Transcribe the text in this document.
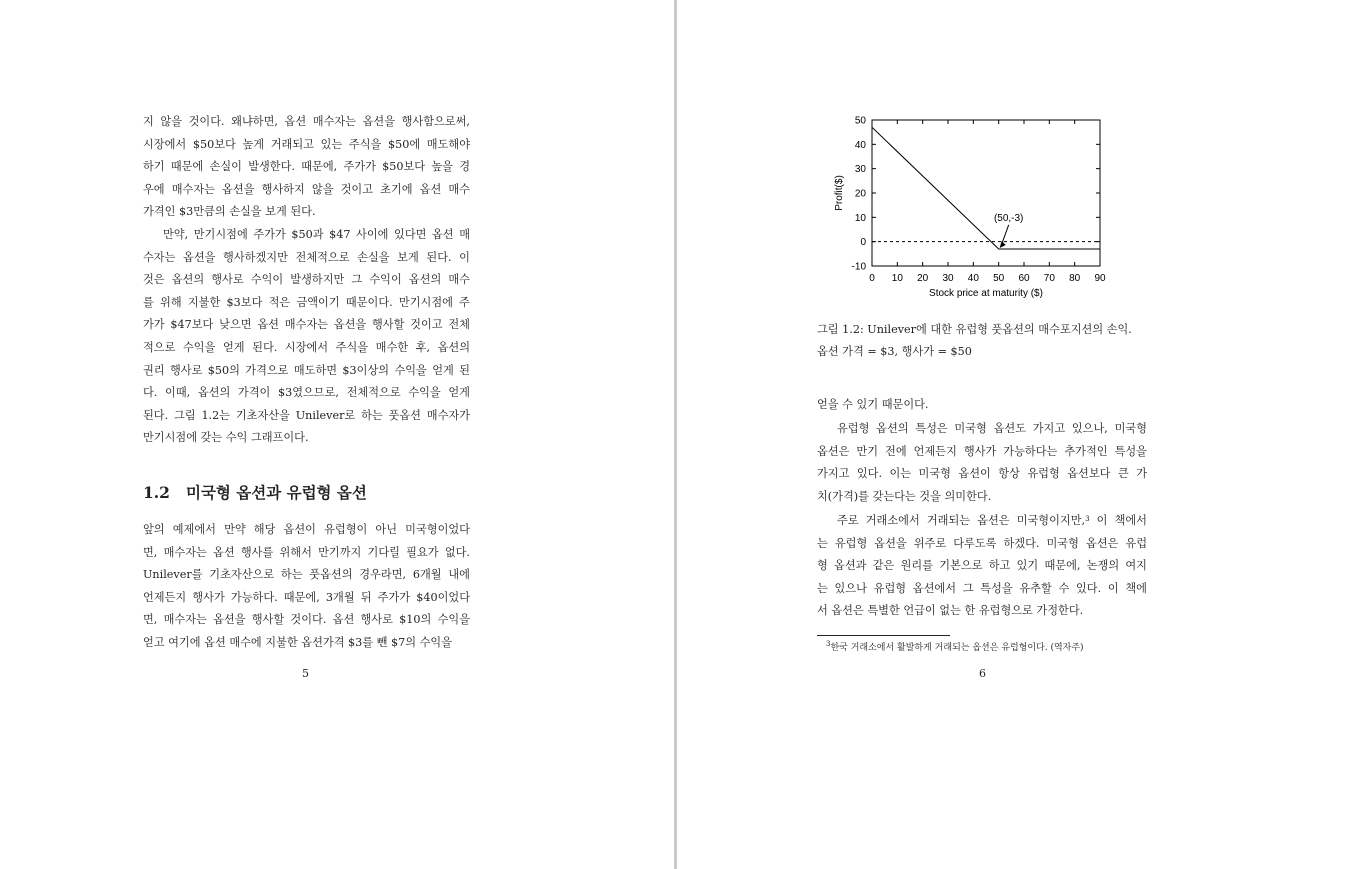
지 않을 것이다. 왜냐하면, 옵션 매수자는 옵션을 행사함으로써,
시장에서 $50보다 높게 거래되고 있는 주식을 $50에 매도해야
하기 때문에 손실이 발생한다. 때문에, 주가가 $50보다 높을 경
우에 매수자는 옵션을 행사하지 않을 것이고 초기에 옵션 매수
가격인 $3만큼의 손실을 보게 된다.
만약, 만기시점에 주가가 $50과 $47 사이에 있다면 옵션 매
수자는 옵션을 행사하겠지만 전체적으로 손실을 보게 된다. 이
것은 옵션의 행사로 수익이 발생하지만 그 수익이 옵션의 매수
를 위해 지불한 $3보다 적은 금액이기 때문이다. 만기시점에 주
가가 $47보다 낮으면 옵션 매수자는 옵션을 행사할 것이고 전체
적으로 수익을 얻게 된다. 시장에서 주식을 매수한 후, 옵션의
권리 행사로 $50의 가격으로 매도하면 $3이상의 수익을 얻게 된
다. 이때, 옵션의 가격이 $3였으므로, 전체적으로 수익을 얻게
된다. 그림 1.2는 기초자산을 Unilever로 하는 풋옵션 매수자가
만기시점에 갖는 수익 그래프이다.
1.2 미국형 옵션과 유럽형 옵션
앞의 예제에서 만약 해당 옵션이 유럽형이 아닌 미국형이었다
면, 매수자는 옵션 행사를 위해서 만기까지 기다릴 필요가 없다.
Unilever를 기초자산으로 하는 풋옵션의 경우라면, 6개월 내에
언제든지 행사가 가능하다. 때문에, 3개월 뒤 주가가 $40이었다
면, 매수자는 옵션을 행사할 것이다. 옵션 행사로 $10의 수익을
얻고 여기에 옵션 매수에 지불한 옵션가격 $3를 뺀 $7의 수익을
5
0 10 20 30 40 50 60 70 80 90
-10
0
10
20
30
40
50
(50,-3)
Stock price at maturity ($)
Profit($)
그림 1.2: Unilever에 대한 유럽형 풋옵션의 매수포지션의 손익.
옵션 가격 = $3, 행사가 = $50
얻을 수 있기 때문이다.
유럽형 옵션의 특성은 미국형 옵션도 가지고 있으나, 미국형
옵션은 만기 전에 언제든지 행사가 가능하다는 추가적인 특성을
가지고 있다. 이는 미국형 옵션이 항상 유럽형 옵션보다 큰 가
치(가격)를 갖는다는 것을 의미한다.
주로 거래소에서 거래되는 옵션은 미국형이지만,$^3$ 이 책에서
는 유럽형 옵션을 위주로 다루도록 하겠다. 미국형 옵션은 유럽
형 옵션과 같은 원리를 기본으로 하고 있기 때문에, 논쟁의 여지
는 있으나 유럽형 옵션에서 그 특성을 유추할 수 있다. 이 책에
서 옵션은 특별한 언급이 없는 한 유럽형으로 가정한다.
$^3$한국 거래소에서 활발하게 거래되는 옵션은 유럽형이다. (역자주)
6
